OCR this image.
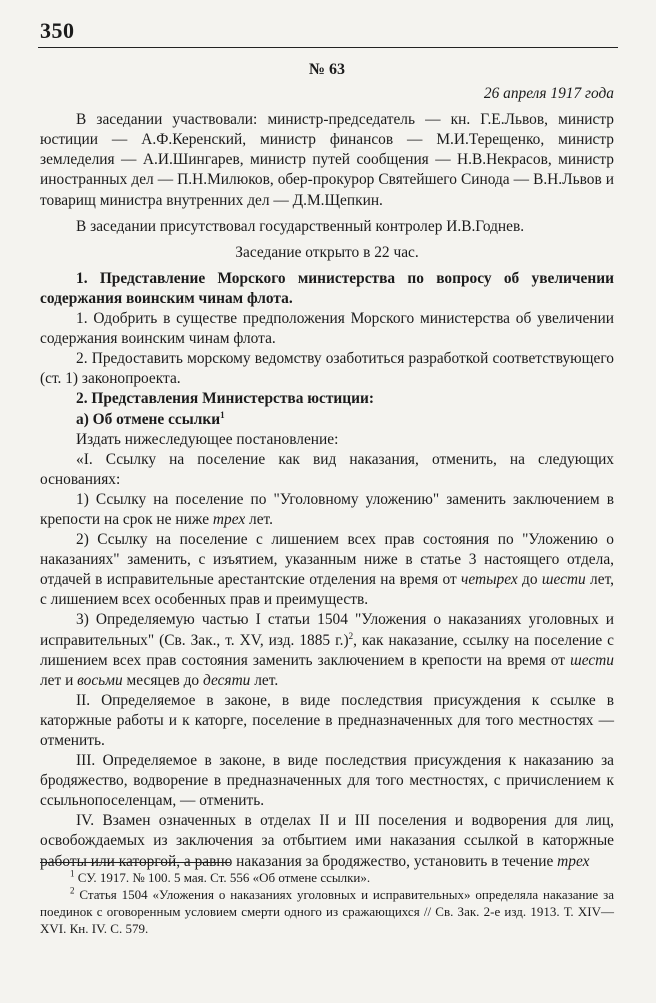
350

№ 63

26 апреля 1917 года

В заседании участвовали: министр-председатель — кн. Г.Е.Львов, министр юстиции — А.Ф.Керенский, министр финансов — М.И.Терещенко, министр земледелия — А.И.Шингарев, министр путей сообщения — Н.В.Некрасов, министр иностранных дел — П.Н.Милюков, обер-прокурор Святейшего Синода — В.Н.Львов и товарищ министра внутренних дел — Д.М.Щепкин.

В заседании присутствовал государственный контролер И.В.Годнев.

Заседание открыто в 22 час.

1. Представление Морского министерства по вопросу об увеличении содержания воинским чинам флота.

1. Одобрить в существе предположения Морского министерства об увеличении содержания воинским чинам флота.

2. Предоставить морскому ведомству озаботиться разработкой соответствующего (ст. 1) законопроекта.

2. Представления Министерства юстиции:

а) Об отмене ссылки$^1$

Издать нижеследующее постановление:

«I. Ссылку на поселение как вид наказания, отменить, на следующих основаниях:

1) Ссылку на поселение по "Уголовному уложению" заменить заключением в крепости на срок не ниже трех лет.

2) Ссылку на поселение с лишением всех прав состояния по "Уложению о наказаниях" заменить, с изъятием, указанным ниже в статье 3 настоящего отдела, отдачей в исправительные арестантские отделения на время от четырех до шести лет, с лишением всех особенных прав и преимуществ.

3) Определяемую частью I статьи 1504 "Уложения о наказаниях уголовных и исправительных" (Св. Зак., т. XV, изд. 1885 г.)$^2$, как наказание, ссылку на поселение с лишением всех прав состояния заменить заключением в крепости на время от шести лет и восьми месяцев до десяти лет.

II. Определяемое в законе, в виде последствия присуждения к ссылке в каторжные работы и к каторге, поселение в предназначенных для того местностях — отменить.

III. Определяемое в законе, в виде последствия присуждения к наказанию за бродяжество, водворение в предназначенных для того местностях, с причислением к ссыльнопоселенцам, — отменить.

IV. Взамен означенных в отделах II и III поселения и водворения для лиц, освобождаемых из заключения за отбытием ими наказания ссылкой в каторжные работы или каторгой, а равно наказания за бродяжество, установить в течение трех

$^1$ СУ. 1917. № 100. 5 мая. Ст. 556 «Об отмене ссылки».

$^2$ Статья 1504 «Уложения о наказаниях уголовных и исправительных» определяла наказание за поединок с оговоренным условием смерти одного из сражающихся // Св. Зак. 2-е изд. 1913. Т. XIV—XVI. Кн. IV. С. 579.
